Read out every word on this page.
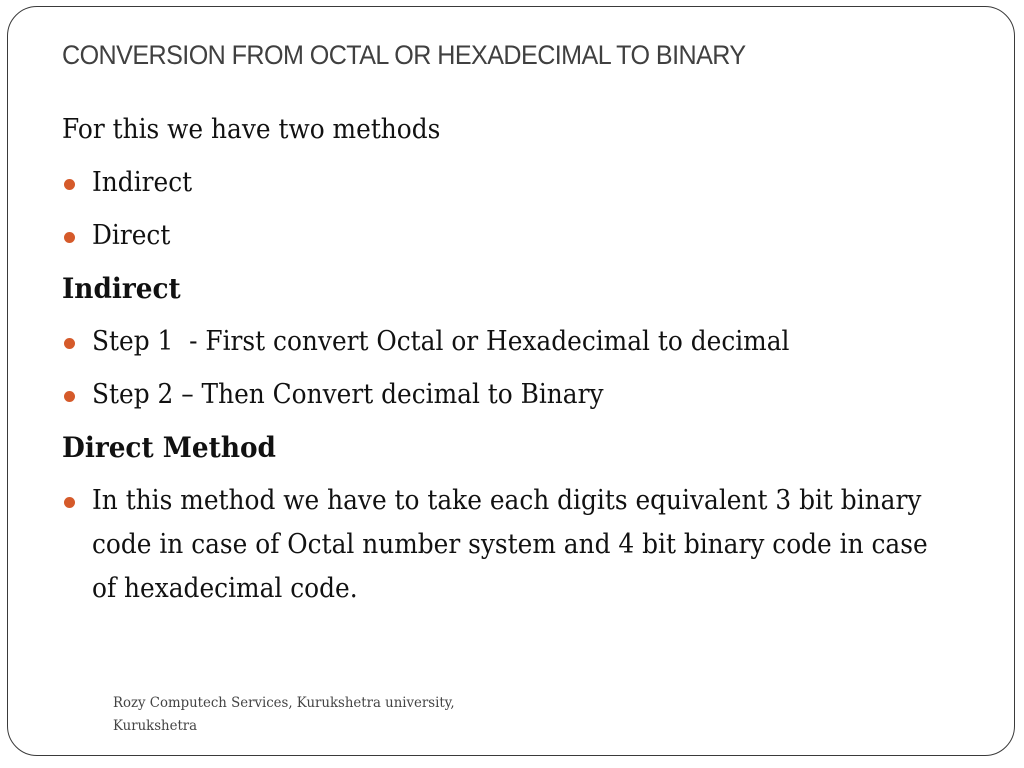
CONVERSION FROM OCTAL OR HEXADECIMAL TO BINARY
For this we have two methods
Indirect
Direct
Indirect
Step 1  - First convert Octal or Hexadecimal to decimal
Step 2 – Then Convert decimal to Binary
Direct Method
In this method we have to take each digits equivalent 3 bit binary code in case of Octal number system and 4 bit binary code in case of hexadecimal code.
Rozy Computech Services, Kurukshetra university,
Kurukshetra
